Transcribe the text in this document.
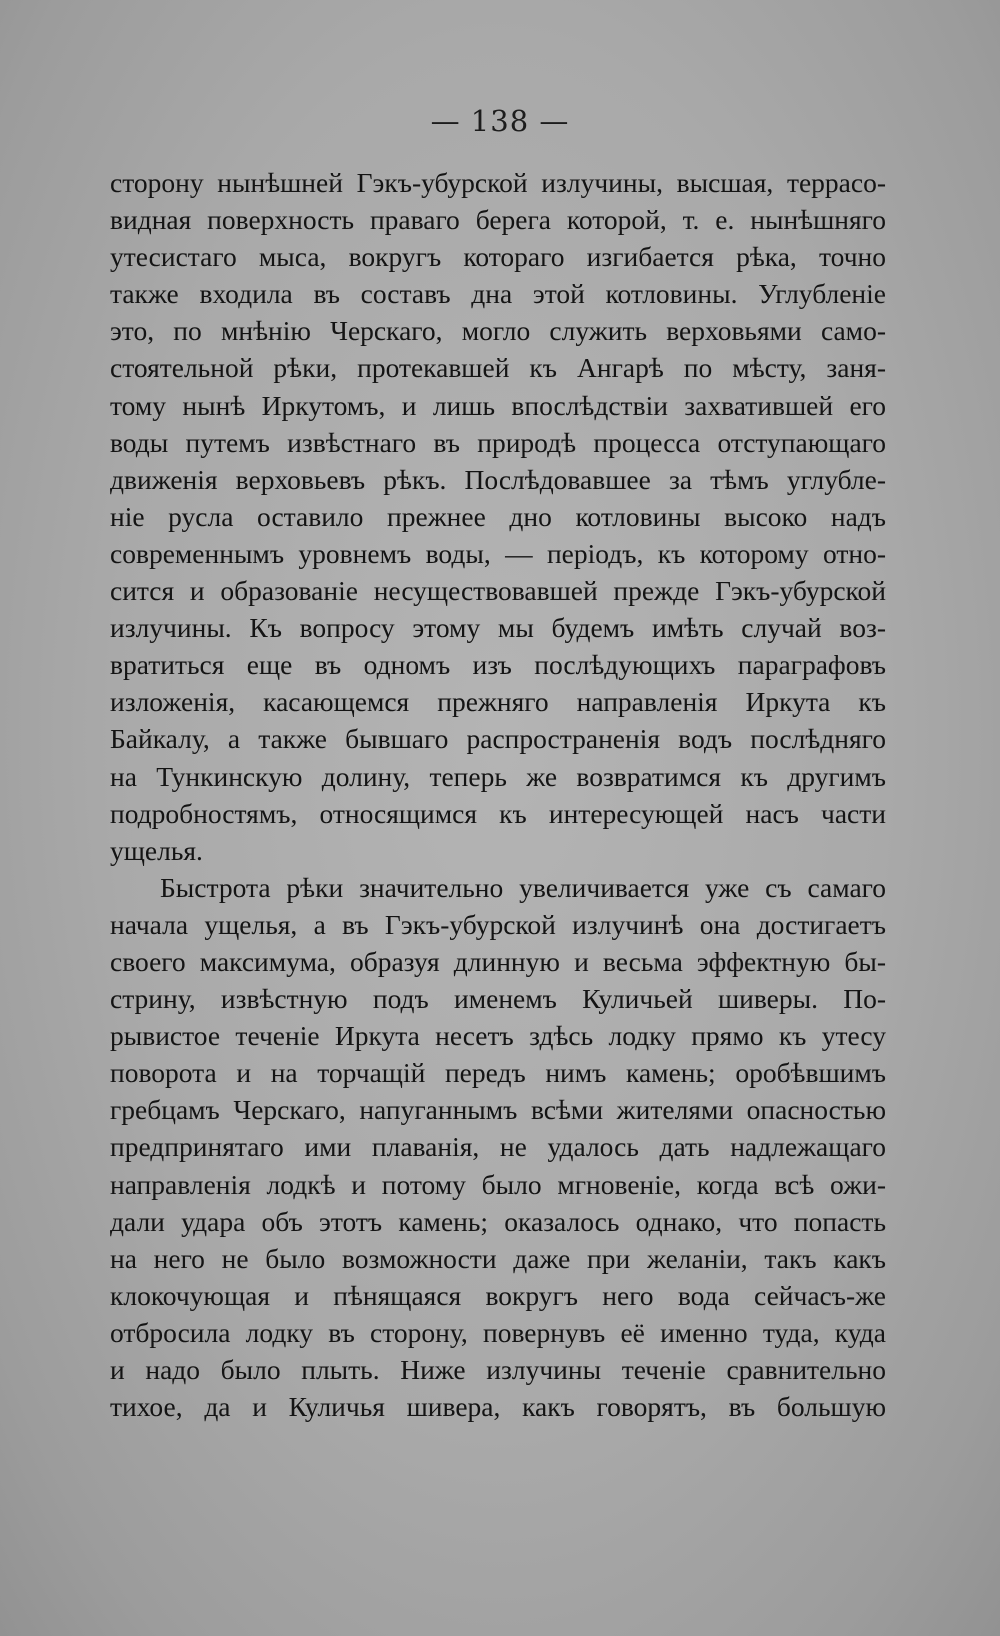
— 138 —
сторону нынѣшней Гэкъ-убурской излучины, высшая, террасо-
видная поверхность праваго берега которой, т. е. нынѣшняго
утесистаго мыса, вокругъ котораго изгибается рѣка, точно
также входила въ составъ дна этой котловины. Углубленіе
это, по мнѣнію Черскаго, могло служить верховьями само-
стоятельной рѣки, протекавшей къ Ангарѣ по мѣсту, заня-
тому нынѣ Иркутомъ, и лишь впослѣдствіи захватившей его
воды путемъ извѣстнаго въ природѣ процесса отступающаго
движенія верховьевъ рѣкъ. Послѣдовавшее за тѣмъ углубле-
ніе русла оставило прежнее дно котловины высоко надъ
современнымъ уровнемъ воды, — періодъ, къ которому отно-
сится и образованіе несуществовавшей прежде Гэкъ-убурской
излучины. Къ вопросу этому мы будемъ имѣть случай воз-
вратиться еще въ одномъ изъ послѣдующихъ параграфовъ
изложенія, касающемся прежняго направленія Иркута къ
Байкалу, а также бывшаго распространенія водъ послѣдняго
на Тункинскую долину, теперь же возвратимся къ другимъ
подробностямъ, относящимся къ интересующей насъ части
ущелья.
Быстрота рѣки значительно увеличивается уже съ самаго
начала ущелья, а въ Гэкъ-убурской излучинѣ она достигаетъ
своего максимума, образуя длинную и весьма эффектную бы-
стрину, извѣстную подъ именемъ Куличьей шиверы. По-
рывистое теченіе Иркута несетъ здѣсь лодку прямо къ утесу
поворота и на торчащій передъ нимъ камень; оробѣвшимъ
гребцамъ Черскаго, напуганнымъ всѣми жителями опасностью
предпринятаго ими плаванія, не удалось дать надлежащаго
направленія лодкѣ и потому было мгновеніе, когда всѣ ожи-
дали удара объ этотъ камень; оказалось однако, что попасть
на него не было возможности даже при желаніи, такъ какъ
клокочующая и пѣнящаяся вокругъ него вода сейчасъ-же
отбросила лодку въ сторону, повернувъ её именно туда, куда
и надо было плыть. Ниже излучины теченіе сравнительно
тихое, да и Куличья шивера, какъ говорятъ, въ большую
